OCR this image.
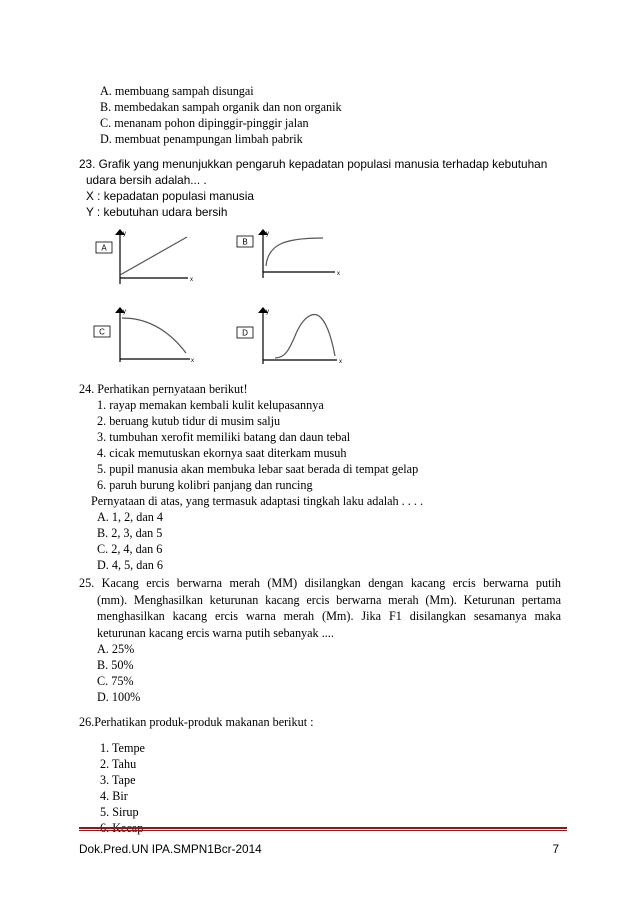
A. membuang sampah disungai
B. membedakan sampah organik dan non organik
C. menanam pohon dipinggir-pinggir jalan
D. membuat penampungan limbah pabrik
23. Grafik yang menunjukkan pengaruh kepadatan populasi manusia terhadap kebutuhan
udara bersih adalah... .
X : kepadatan populasi manusia
Y : kebutuhan udara bersih
A
y
x
B
y
x
C
y
x
D
y
x
24. Perhatikan pernyataan berikut!
1. rayap memakan kembali kulit kelupasannya
2. beruang kutub tidur di musim salju
3. tumbuhan xerofit memiliki batang dan daun tebal
4. cicak memutuskan ekornya saat diterkam musuh
5. pupil manusia akan membuka lebar saat berada di tempat gelap
6. paruh burung kolibri panjang dan runcing
Pernyataan di atas, yang termasuk adaptasi tingkah laku adalah . . . .
A. 1, 2, dan 4
B. 2, 3, dan 5
C. 2, 4, dan 6
D. 4, 5, dan 6
25. Kacang ercis berwarna merah (MM) disilangkan dengan kacang ercis berwarna putih
(mm). Menghasilkan keturunan kacang ercis berwarna merah (Mm). Keturunan pertama
menghasilkan kacang ercis warna merah (Mm). Jika F1 disilangkan sesamanya maka
keturunan kacang ercis warna putih sebanyak ....
A. 25%
B. 50%
C. 75%
D. 100%
26.Perhatikan produk-produk makanan berikut :
1. Tempe
2. Tahu
3. Tape
4. Bir
5. Sirup
Dok.Pred.UN IPA.SMPN1Bcr-2014	7
